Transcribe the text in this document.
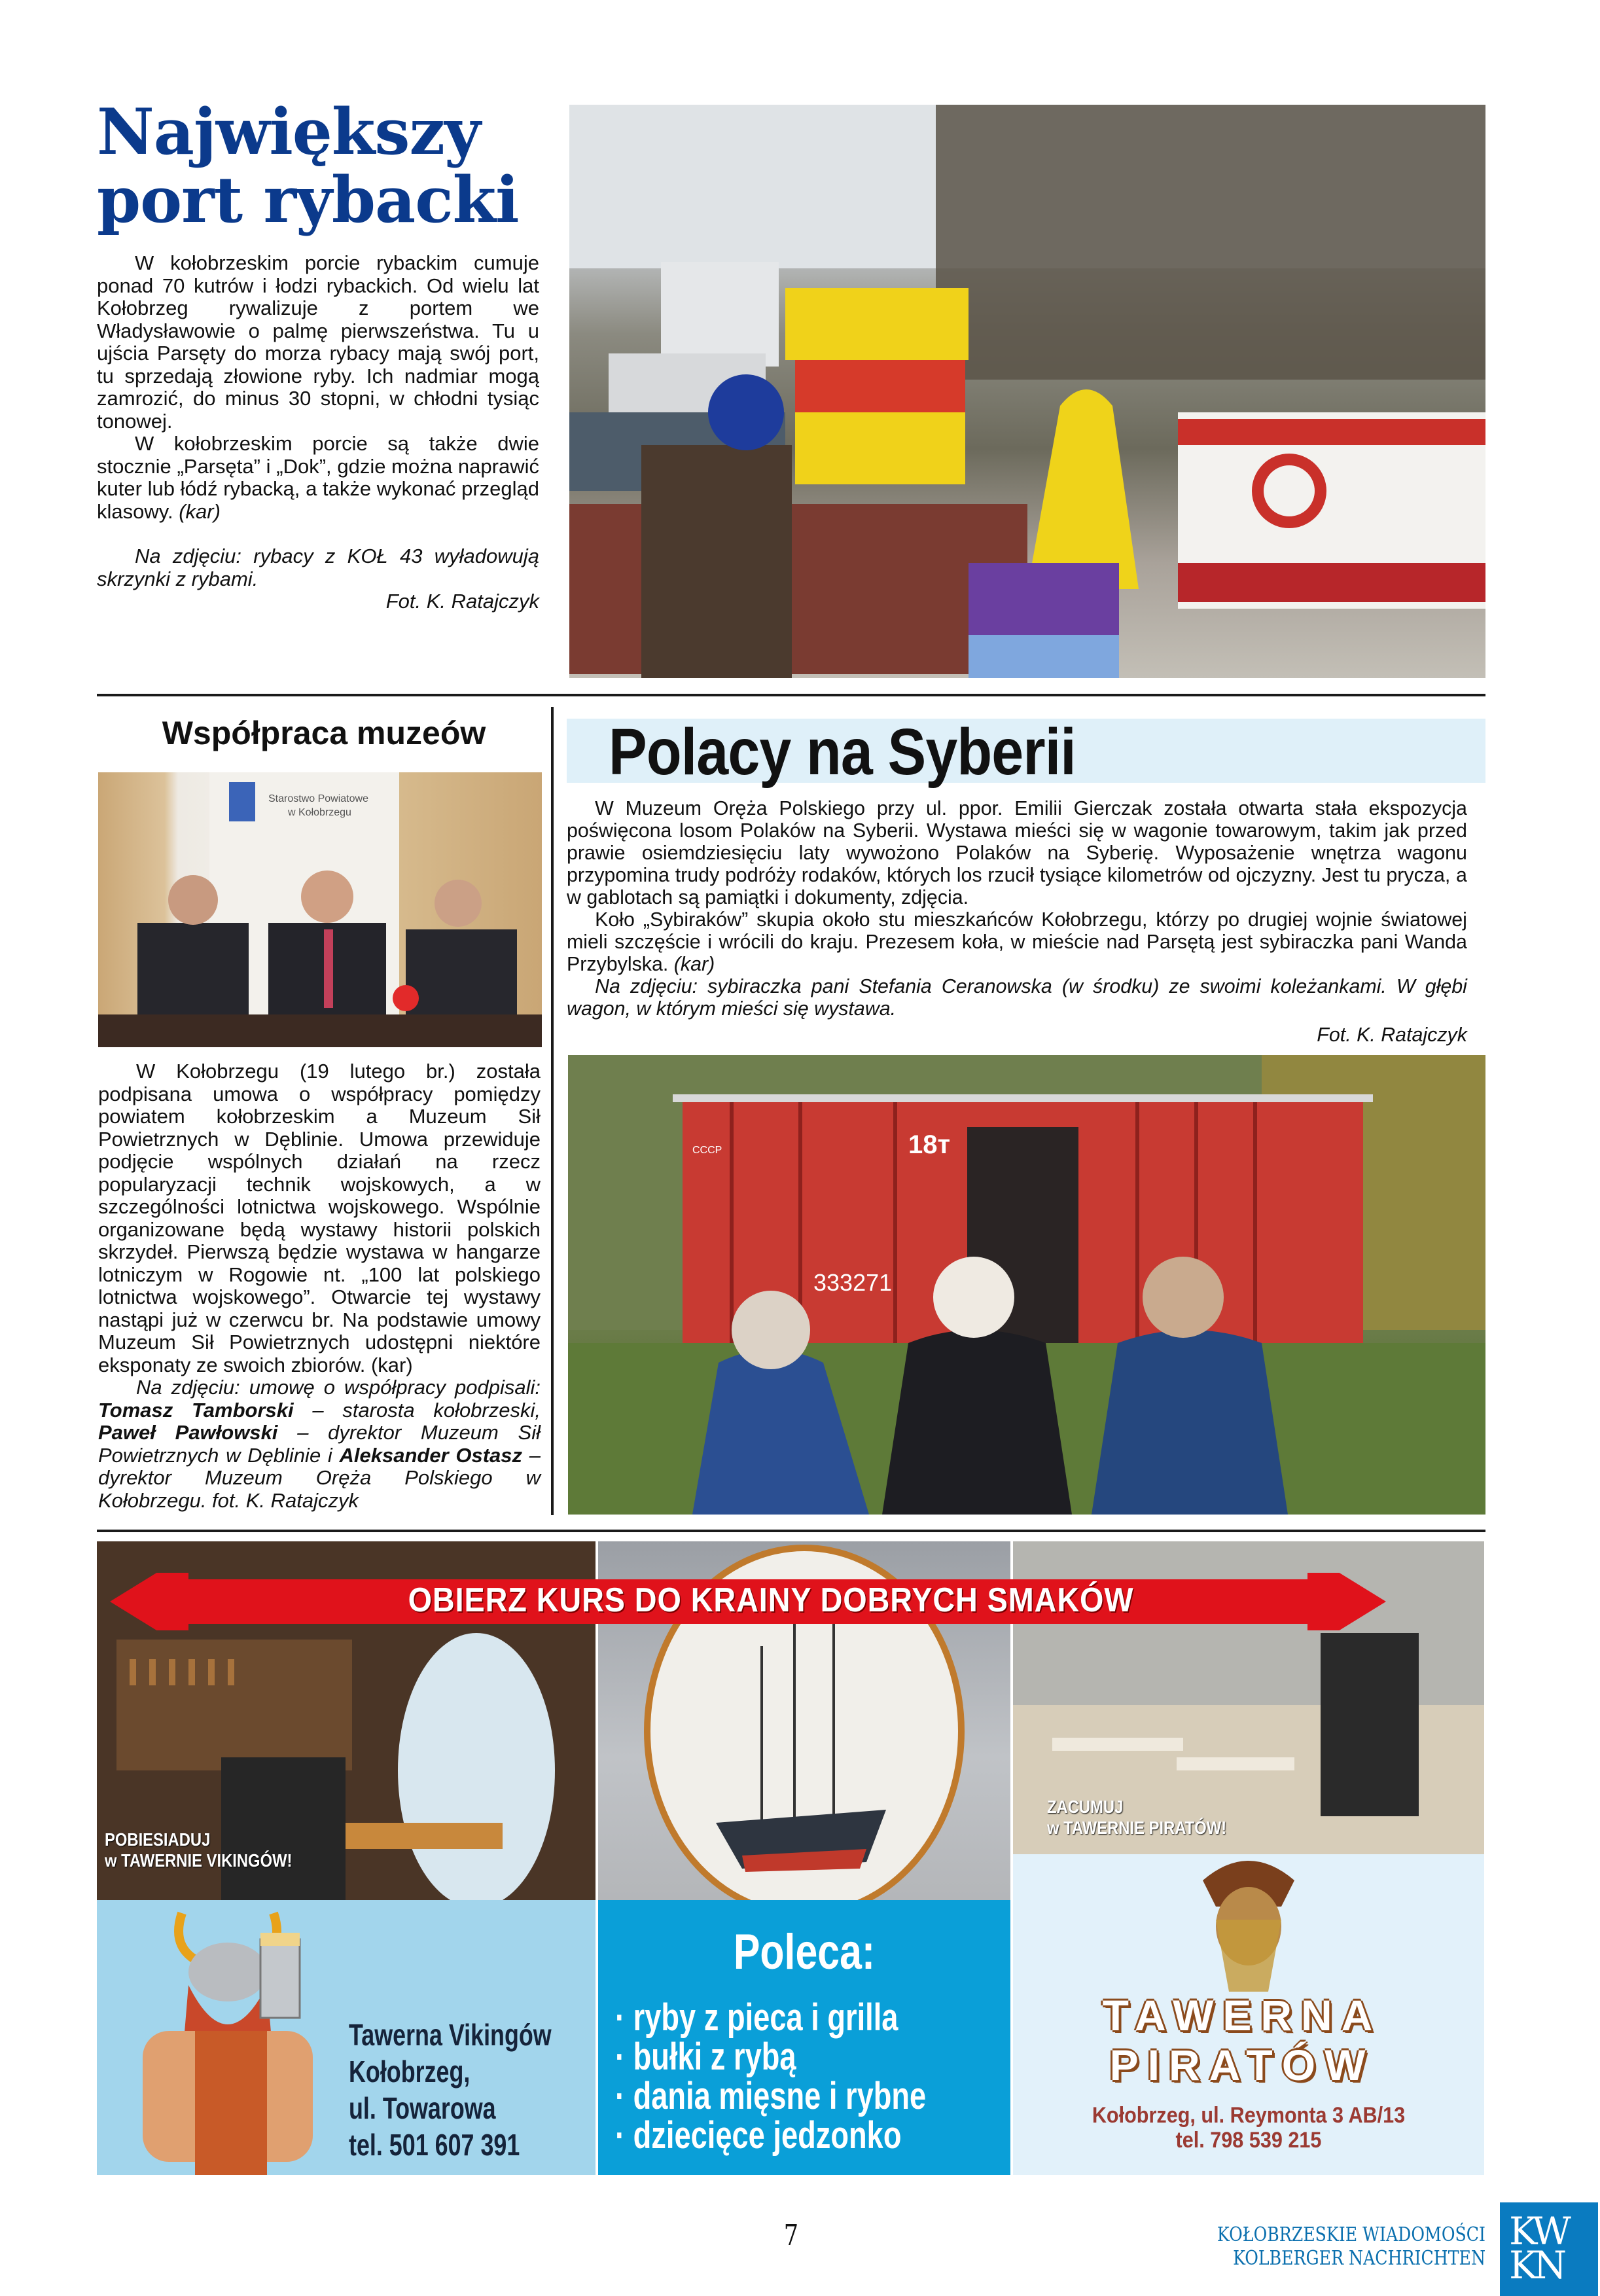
Największy
port rybacki

W kołobrzeskim porcie rybackim cumuje ponad 70 kutrów i łodzi rybackich. Od wielu lat Kołobrzeg rywalizuje z portem we Władysławowie o palmę pierwszeństwa. Tu u ujścia Parsęty do morza rybacy mają swój port, tu sprzedają złowione ryby. Ich nadmiar mogą zamrozić, do minus 30 stopni, w chłodni tysiąc tonowej.

W kołobrzeskim porcie są także dwie stocznie „Parsęta” i „Dok”, gdzie można naprawić kuter lub łódź rybacką, a także wykonać przegląd klasowy. (kar)

Na zdjęciu: rybacy z KOŁ 43 wyładowują skrzynki z rybami.

Fot. K. Ratajczyk

Współpraca muzeów
Starostwo Powiatowe
w Kołobrzegu

W Kołobrzegu (19 lutego br.) została podpisana umowa o współpracy pomiędzy powiatem kołobrzeskim a Muzeum Sił Powietrznych w Dęblinie. Umowa przewiduje podjęcie wspólnych działań na rzecz popularyzacji technik wojskowych, a w szczególności lotnictwa wojskowego. Wspólnie organizowane będą wystawy historii polskich skrzydeł. Pierwszą będzie wystawa w hangarze lotniczym w Rogowie nt. „100 lat polskiego lotnictwa wojskowego”. Otwarcie tej wystawy nastąpi już w czerwcu br. Na podstawie umowy Muzeum Sił Powietrznych udostępni niektóre eksponaty ze swoich zbiorów. (kar)

Na zdjęciu: umowę o współpracy podpisali: Tomasz Tamborski – starosta kołobrzeski, Paweł Pawłowski – dyrektor Muzeum Sił Powietrznych w Dęblinie i Aleksander Ostasz – dyrektor Muzeum Oręża Polskiego w Kołobrzegu. fot. K. Ratajczyk

Polacy na Syberii

W Muzeum Oręża Polskiego przy ul. ppor. Emilii Gierczak została otwarta stała ekspozycja poświęcona losom Polaków na Syberii. Wystawa mieści się w wagonie towarowym, takim jak przed prawie osiemdziesięciu laty wywożono Polaków na Syberię. Wyposażenie wnętrza wagonu przypomina trudy podróży rodaków, których los rzucił tysiące kilometrów od ojczyzny. Jest tu prycza, a w gablotach są pamiątki i dokumenty, zdjęcia.

Koło „Sybiraków” skupia około stu mieszkańców Kołobrzegu, którzy po drugiej wojnie światowej mieli szczęście i wrócili do kraju. Prezesem koła, w mieście nad Parsętą jest sybiraczka pani Wanda Przybylska. (kar)

Na zdjęciu: sybiraczka pani Stefania Ceranowska (w środku) ze swoimi koleżankami. W głębi wagon, w którym mieści się wystawa.

Fot. K. Ratajczyk

18т
333271
СССР
POBIESIADUJ
w TAWERNIE VIKINGÓW!
ZACUMUJ
w TAWERNIE PIRATÓW!
OBIERZ KURS DO KRAINY DOBRYCH SMAKÓW
Tawerna Vikingów
Kołobrzeg,
ul. Towarowa
tel. 501 607 391
Poleca:
· ryby z pieca i grilla
· bułki z rybą
· dania mięsne i rybne
· dziecięce jedzonko
TAWERNA
PIRATÓW
Kołobrzeg, ul. Reymonta 3 AB/13
tel. 798 539 215
7	KOŁOBRZESKIE WIADOMOŚCI
KOLBERGER NACHRICHTEN
KW
KN
